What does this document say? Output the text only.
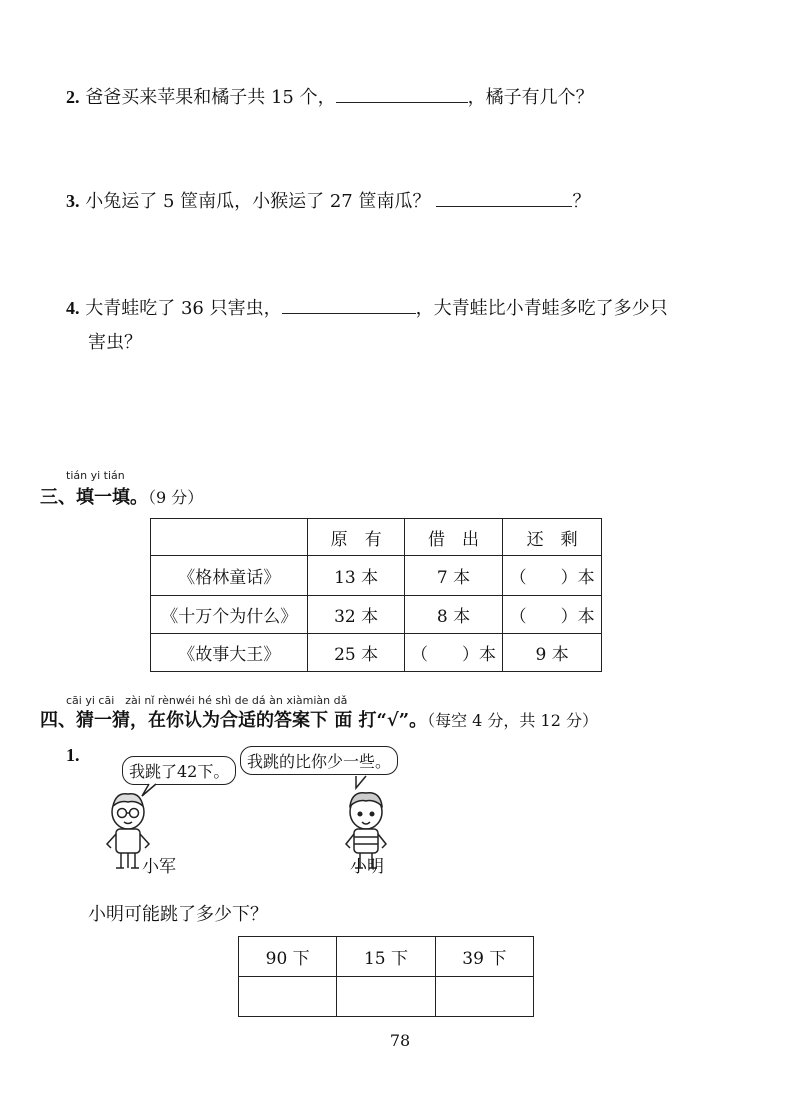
2. 爸爸买来苹果和橘子共 15 个，	，橘子有几个？
3. 小兔运了 5 筐南瓜，小猴运了 27 筐南瓜？	？
4. 大青蛙吃了 36 只害虫，	，大青蛙比小青蛙多吃了多少只
害虫？
tián yi tián
三、填一填。（9 分）
	原　有	借　出	还　剩
《格林童话》	13 本	7 本	（　　）本
《十万个为什么》	32 本	8 本	（　　）本
《故事大王》	25 本	（　　）本	9 本
cāi yi cāi　zài nǐ rènwéi hé shì de dá àn xiàmiàn dǎ
四、猜一猜，在你认为合适的答案下 面 打“√”。（每空 4 分，共 12 分）
1.
我跳了42下。
我跳的比你少一些。
小军	小明
小明可能跳了多少下？
90 下	15 下	39 下

78
